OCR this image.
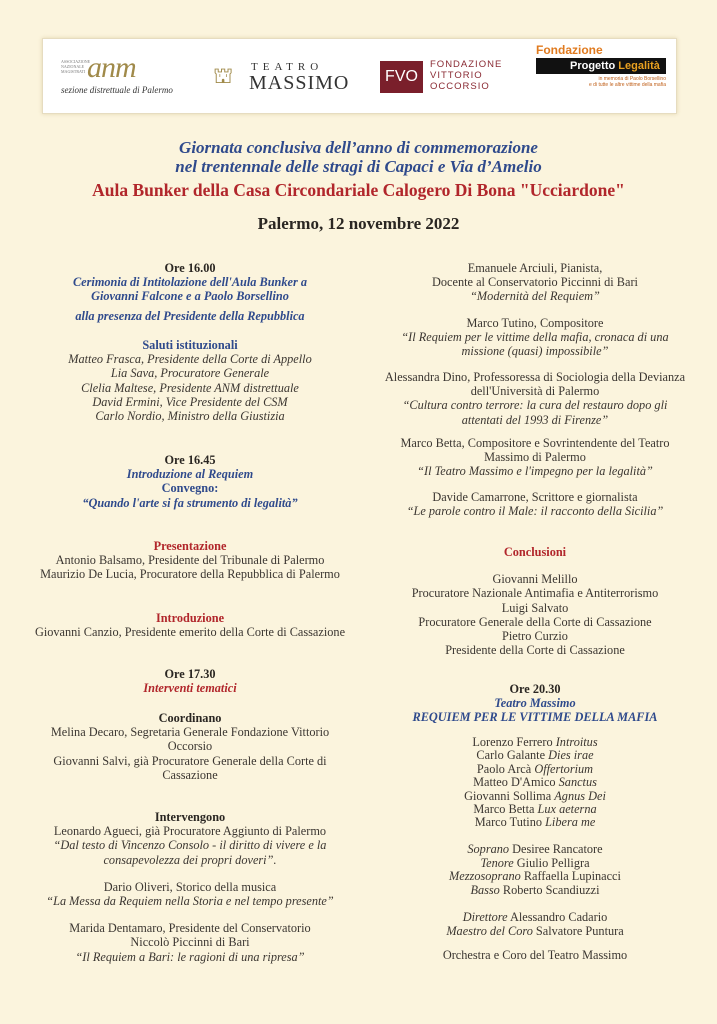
ASSOCIAZIONE NAZIONALE MAGISTRATI anm
sezione distrettuale di Palermo
⛫	TEATRO
MASSIMO	FVO
FONDAZIONE
VITTORIO
OCCORSIO
Fondazione
Progetto Legalità
in memoria di Paolo Borsellino
e di tutte le altre vittime della mafia
Giornata conclusiva dell’anno di commemorazione
nel trentennale delle stragi di Capaci e Via d’Amelio
Aula Bunker della Casa Circondariale Calogero Di Bona "Ucciardone"
Palermo, 12 novembre 2022
Ore 16.00
Cerimonia di Intitolazione dell'Aula Bunker a
Giovanni Falcone e a Paolo Borsellino
alla presenza del Presidente della Repubblica
Saluti istituzionali
Matteo Frasca, Presidente della Corte di Appello
Lia Sava, Procuratore Generale
Clelia Maltese, Presidente ANM distrettuale
David Ermini, Vice Presidente del CSM
Carlo Nordio, Ministro della Giustizia
Ore 16.45
Introduzione al Requiem
Convegno:
“Quando l'arte si fa strumento di legalità”
Presentazione
Antonio Balsamo, Presidente del Tribunale di Palermo
Maurizio De Lucia, Procuratore della Repubblica di Palermo
Introduzione
Giovanni Canzio, Presidente emerito della Corte di Cassazione
Ore 17.30
Interventi tematici
Coordinano
Melina Decaro, Segretaria Generale Fondazione Vittorio
Occorsio
Giovanni Salvi, già Procuratore Generale della Corte di
Cassazione
Intervengono
Leonardo Agueci, già Procuratore Aggiunto di Palermo
“Dal testo di Vincenzo Consolo - il diritto di vivere e la
consapevolezza dei propri doveri”.
Dario Oliveri, Storico della musica
“La Messa da Requiem nella Storia e nel tempo presente”
Marida Dentamaro, Presidente del Conservatorio
Niccolò Piccinni di Bari
“Il Requiem a Bari: le ragioni di una ripresa”
Emanuele Arciuli, Pianista,
Docente al Conservatorio Piccinni di Bari
“Modernità del Requiem”
Marco Tutino, Compositore
“Il Requiem per le vittime della mafia, cronaca di una
missione (quasi) impossibile”
Alessandra Dino, Professoressa di Sociologia della Devianza
dell'Università di Palermo
“Cultura contro terrore: la cura del restauro dopo gli
attentati del 1993 di Firenze”
Marco Betta, Compositore e Sovrintendente del Teatro
Massimo di Palermo
“Il Teatro Massimo e l'impegno per la legalità”
Davide Camarrone, Scrittore e giornalista
“Le parole contro il Male: il racconto della Sicilia”
Conclusioni
Giovanni Melillo
Procuratore Nazionale Antimafia e Antiterrorismo
Luigi Salvato
Procuratore Generale della Corte di Cassazione
Pietro Curzio
Presidente della Corte di Cassazione
Ore 20.30
Teatro Massimo
REQUIEM PER LE VITTIME DELLA MAFIA
Lorenzo Ferrero Introitus
Carlo Galante Dies irae
Paolo Arcà Offertorium
Matteo D'Amico Sanctus
Giovanni Sollima Agnus Dei
Marco Betta Lux aeterna
Marco Tutino Libera me
Soprano Desiree Rancatore
Tenore Giulio Pelligra
Mezzosoprano Raffaella Lupinacci
Basso Roberto Scandiuzzi
Direttore Alessandro Cadario
Maestro del Coro Salvatore Puntura
Orchestra e Coro del Teatro Massimo
